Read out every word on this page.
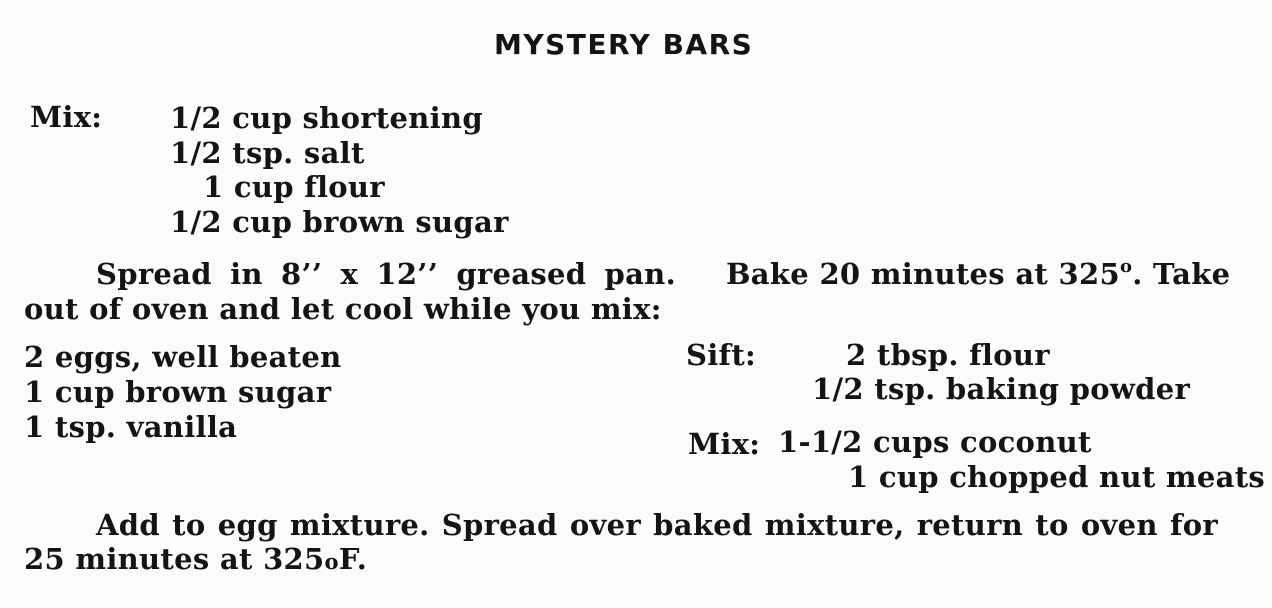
MYSTERY BARS
Mix: 1/2 cup shortening
1/2 tsp. salt
1 cup flour
1/2 cup brown sugar
Spread in 8’’ x 12’’ greased pan. Bake 20 minutes at 325$^o$. Take
out of oven and let cool while you mix:
2 eggs, well beaten
1 cup brown sugar
1 tsp. vanilla
Sift:	2 tbsp. flour
1/2 tsp. baking powder
Mix: 1-1/2 cups coconut
1 cup chopped nut meats
Add to egg mixture. Spread over baked mixture, return to oven for
25 minutes at 325oF.
